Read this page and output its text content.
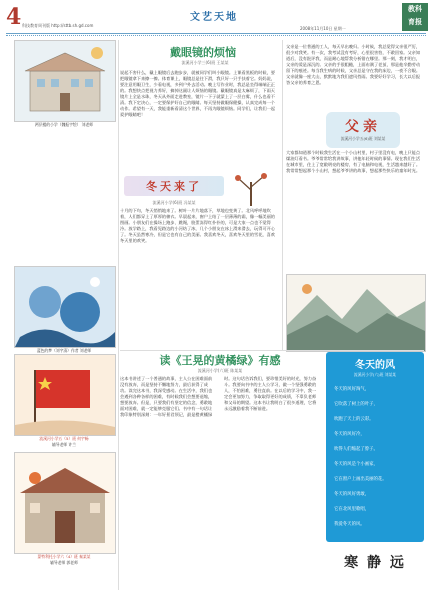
4 科技教育周刊版 http://sttb.sh.gd.com
文艺天地
2008年11月10日 星期一
教科
育报
两层楼的小学（魏振宇绘） 刘老师
蓝色的梦（刘宇清）作者 刘老师
流溪河小学五（5）班 何宇畅
辅导老师 许兰
蒙特利托小学六（4）班 秦某某
辅导老师 郭老师
戴眼镜的烦恼
流溪河小学三(6)班 王某某
说起不害什么，戴上眼镜后去跑步步，就被同学们叫小眼镜。上课看黑板的时候，要把眼镜拿下来擦一擦。体育课上，眼镜总是往下滑，我只好一只手扶着它。妈妈说，要注意用眼卫生，少看电视，多到户外去活动。晚上写作业时，我总是坐得端端正正的。我想快点把视力养好，摘掉这副让人烦恼的眼镜。戴眼镜真是太麻烦了，下雨天镜片上全是水珠，冬天从外面走进教室，镜片一下子就蒙上了一层白雾，什么也看不清。我下定决心，一定要保护好自己的眼睛。每天坚持做眼保健操，认真完成每一个动作。希望有一天，我能重新看清这个世界，不再为眼镜烦恼。同学们，让我们一起爱护眼睛吧！
冬天来了
流溪河小学(6)班 冯某某
十月的下旬，冬天悄悄地来了。树叶一片片地落下，草地也变黄了。北风呼呼地吹着，人们都穿上了厚厚的棉衣。早晨起来，窗户上结了一层薄薄的霜，像一幅美丽的图画。小朋友们在操场上跑步、跳绳，脸蛋冻得红扑扑的，可是大家一点也不觉得冷。放学路上，我看见路边的小河结了冰，几个小朋友在冰上滑来滑去，玩得可开心了。冬天虽然寒冷，但是它也有自己的美丽。我喜欢冬天，喜欢冬天里的雪花，喜欢冬天里的欢笑。
父亲
流溪河小学五(6)班 刘某某
父亲是一位普通的工人，每天早出晚归。小时候，我总觉得父亲很严厉，很少对我笑。有一次，我考试没有考好，心里很害怕，不敢回家。父亲知道后，没有批评我，而是耐心地帮我分析错在哪里。那一刻，我才明白，父亲的爱是深沉的。父亲的手很粗糙，上面布满了老茧，那是他辛勤劳动留下的痕迹。每当我生病的时候，父亲总是守在我的床边，一夜不合眼。父亲就像一座大山，默默地为我们遮风挡雨。我要好好学习，长大以后报答父亲的养育之恩。
大家都知道那个时候我生活在一个小山村里，村子里没有电，晚上只能点煤油灯看书。爷爷常常给我讲故事，讲他年轻时候的事情。现在我们生活在城市里，住上了宽敞明亮的楼房，有了电脑和电视，生活越来越好了。我常常想起那个小山村，想起爷爷讲的故事，想起那些快乐的童年时光。
读《王晃的黄橘绿》有感
流溪河小学(六)班 陈某某
这本书讲述了一个普通的故事，主人公在困难面前没有放弃，而是坚持不懈地努力，最后获得了成功。读完这本书，我深受感动。在生活中，我们也会遇到各种各样的困难，有时候我们会想要退缩，想要放弃。但是，只要我们有坚定的信念，勇敢地面对困难，就一定能够克服它们。书中有一句话让我印象特别深刻：一年好景君须记，最是橙黄橘绿时。这句话告诉我们，要珍惜美好的时光，努力奋斗。我要向书中的主人公学习，做一个坚强勇敢的人，不怕困难，勇往直前。在以后的学习中，我一定会更加努力，争取取得更好的成绩，不辜负老师和父母的期望。这本书让我明白了很多道理，它将永远激励着我不断前进。
冬天的风
流溪河小学(六)班 刘某某
冬天的风好淘气，
它吹落了树上的叶子，
吹跑了天上的云彩。
冬天的风好冷，
吹得人们缩起了脖子。
冬天的风是个小画家，
它在窗户上画出美丽的花。
冬天的风好勇敢，
它在北风里歌唱，
我爱冬天的风。
寒 静 远
